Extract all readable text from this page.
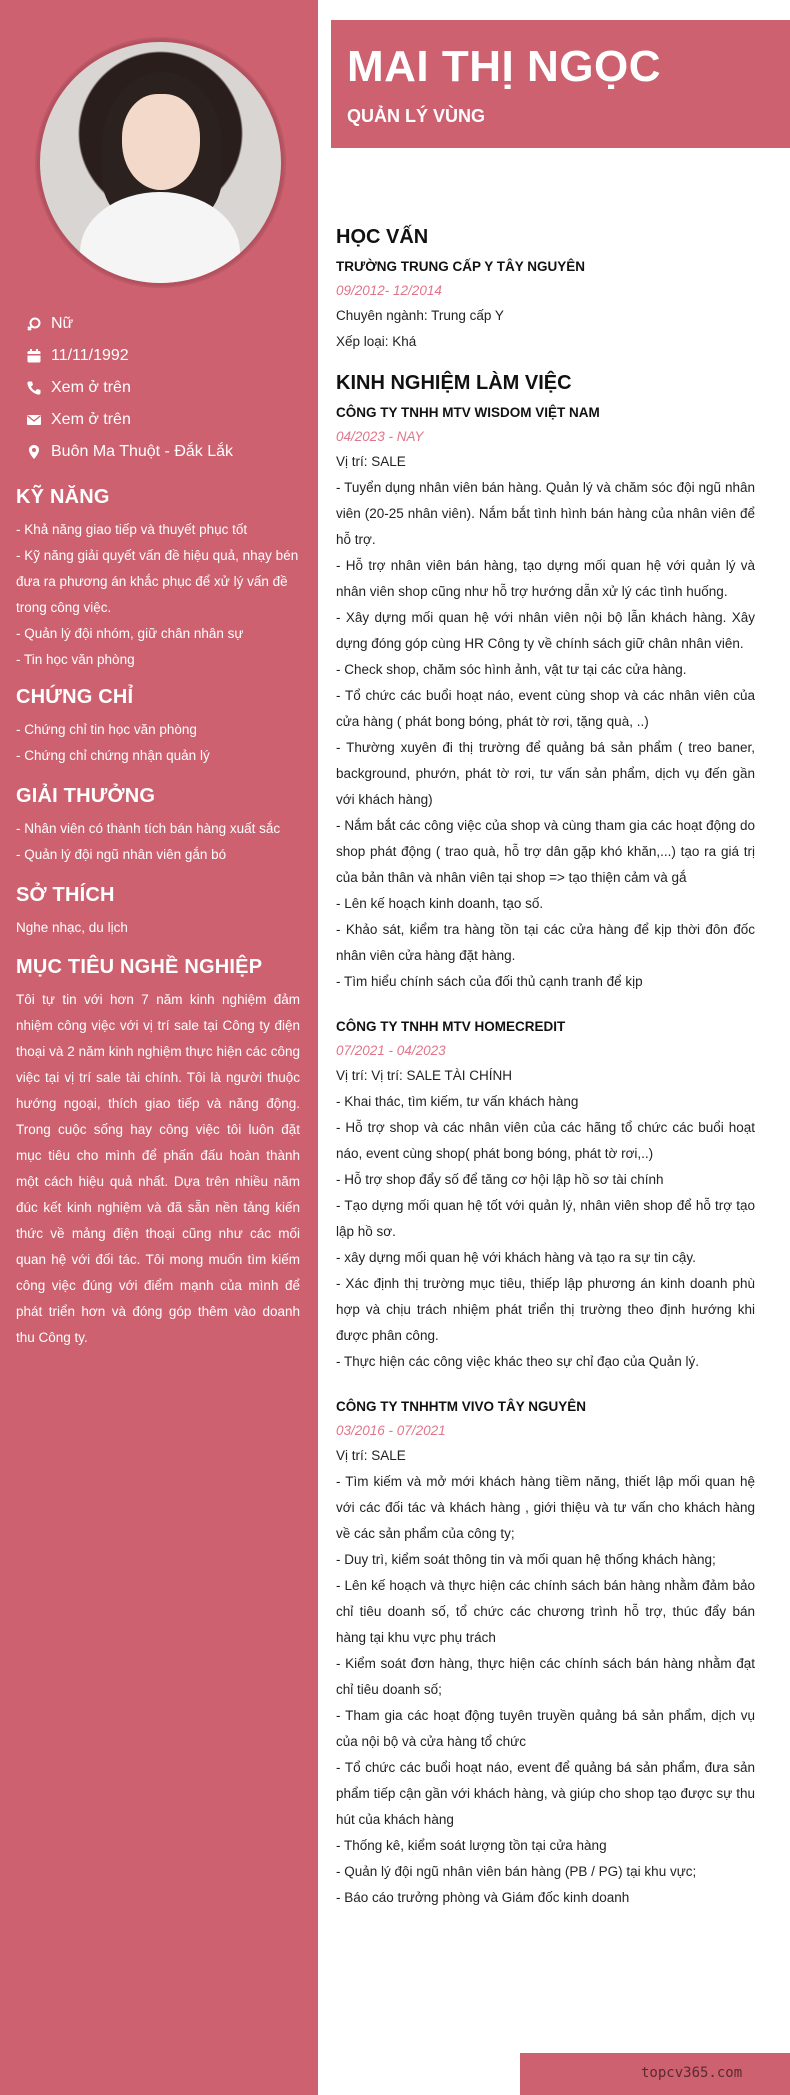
Nữ
11/11/1992
Xem ở trên
Xem ở trên
Buôn Ma Thuột - Đắk Lắk
KỸ NĂNG
- Khả năng giao tiếp và thuyết phục tốt
- Kỹ năng giải quyết vấn đề hiệu quả, nhạy bén đưa ra phương án khắc phục để xử lý vấn đề trong công việc.
- Quản lý đội nhóm, giữ chân nhân sự
- Tin học văn phòng
CHỨNG CHỈ
- Chứng chỉ tin học văn phòng
- Chứng chỉ chứng nhận quản lý
GIẢI THƯỞNG
- Nhân viên có thành tích bán hàng xuất sắc
- Quản lý đội ngũ nhân viên gắn bó
SỞ THÍCH
Nghe nhạc, du lịch
MỤC TIÊU NGHỀ NGHIỆP
Tôi tự tin với hơn 7 năm kinh nghiệm đảm nhiệm công việc với vị trí sale tại Công ty điện thoại và 2 năm kinh nghiệm thực hiện các công việc tại vị trí sale tài chính. Tôi là người thuộc hướng ngoại, thích giao tiếp và năng động. Trong cuộc sống hay công việc tôi luôn đặt mục tiêu cho mình để phấn đấu hoàn thành một cách hiệu quả nhất. Dựa trên nhiều năm đúc kết kinh nghiệm và đã sẵn nền tảng kiến thức về mảng điện thoại cũng như các mối quan hệ với đối tác. Tôi mong muốn tìm kiếm công việc đúng với điểm mạnh của mình để phát triển hơn và đóng góp thêm vào doanh thu Công ty.
MAI THỊ NGỌC
QUẢN LÝ VÙNG
HỌC VẤN
TRƯỜNG TRUNG CẤP Y TÂY NGUYÊN
09/2012- 12/2014
Chuyên ngành: Trung cấp Y
Xếp loại: Khá
KINH NGHIỆM LÀM VIỆC
CÔNG TY TNHH MTV WISDOM VIỆT NAM
04/2023 - NAY
Vị trí: SALE
- Tuyển dụng nhân viên bán hàng. Quản lý và chăm sóc đội ngũ nhân viên (20-25 nhân viên). Nắm bắt tình hình bán hàng của nhân viên để hỗ trợ.
- Hỗ trợ nhân viên bán hàng, tạo dựng mối quan hệ với quản lý và nhân viên shop cũng như hỗ trợ hướng dẫn xử lý các tình huống.
- Xây dựng mối quan hệ với nhân viên nội bộ lẫn khách hàng. Xây dựng đóng góp cùng HR Công ty về chính sách giữ chân nhân viên.
- Check shop, chăm sóc hình ảnh, vật tư tại các cửa hàng.
- Tổ chức các buổi hoạt náo, event cùng shop và các nhân viên của cửa hàng ( phát bong bóng, phát tờ rơi, tặng quà, ..)
- Thường xuyên đi thị trường để quảng bá sản phẩm ( treo baner, background, phướn, phát tờ rơi, tư vấn sản phẩm, dịch vụ đến gần với khách hàng)
- Nắm bắt các công việc của shop và cùng tham gia các hoạt động do shop phát động ( trao quà, hỗ trợ dân gặp khó khăn,...) tạo ra giá trị của bản thân và nhân viên tại shop => tạo thiện cảm và gắ
- Lên kế hoạch kinh doanh, tạo số.
- Khảo sát, kiểm tra hàng tồn tại các cửa hàng để kịp thời đôn đốc nhân viên cửa hàng đặt hàng.
- Tìm hiểu chính sách của đối thủ cạnh tranh để kịp
CÔNG TY TNHH MTV HOMECREDIT
07/2021 - 04/2023
Vị trí: Vị trí: SALE TÀI CHÍNH
- Khai thác, tìm kiếm, tư vấn khách hàng
- Hỗ trợ shop và các nhân viên của các hãng tổ chức các buổi hoạt náo, event cùng shop( phát bong bóng, phát tờ rơi,..)
- Hỗ trợ shop đẩy số để tăng cơ hội lập hồ sơ tài chính
- Tạo dựng mối quan hệ tốt với quản lý, nhân viên shop để hỗ trợ tạo lập hồ sơ.
- xây dựng mối quan hệ với khách hàng và tạo ra sự tin cậy.
- Xác định thị trường mục tiêu, thiếp lập phương án kinh doanh phù hợp và chịu trách nhiệm phát triển thị trường theo định hướng khi được phân công.
- Thực hiện các công việc khác theo sự chỉ đạo của Quản lý.
CÔNG TY TNHHTM VIVO TÂY NGUYÊN
03/2016 - 07/2021
Vị trí: SALE
- Tìm kiếm và mở mới khách hàng tiềm năng, thiết lập mối quan hệ với các đối tác và khách hàng , giới thiệu và tư vấn cho khách hàng về các sản phẩm của công ty;
- Duy trì, kiểm soát thông tin và mối quan hệ thống khách hàng;
- Lên kế hoạch và thực hiện các chính sách bán hàng nhằm đảm bảo chỉ tiêu doanh số, tổ chức các chương trình hỗ trợ, thúc đẩy bán hàng tại khu vực phụ trách
- Kiểm soát đơn hàng, thực hiện các chính sách bán hàng nhằm đạt chỉ tiêu doanh số;
- Tham gia các hoạt động tuyên truyền quảng bá sản phẩm, dịch vụ của nội bộ và cửa hàng tổ chức
- Tổ chức các buổi hoạt náo, event để quảng bá sản phẩm, đưa sản phẩm tiếp cận gần với khách hàng, và giúp cho shop tạo được sự thu hút của khách hàng
- Thống kê, kiểm soát lượng tồn tại cửa hàng
- Quản lý đội ngũ nhân viên bán hàng (PB / PG) tại khu vực;
- Báo cáo trưởng phòng và Giám đốc kinh doanh
topcv365.com
